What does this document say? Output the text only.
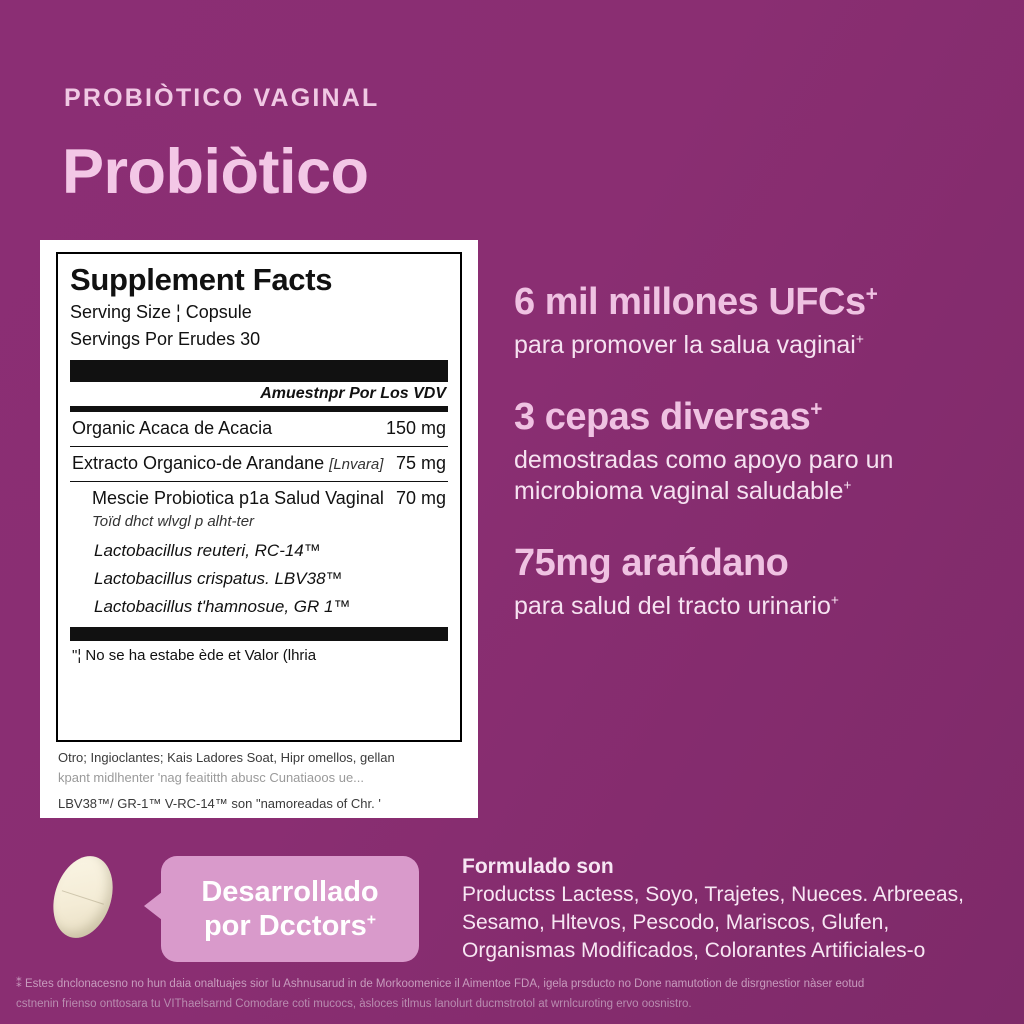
PROBIÒTICO VAGINAL
Probiòtico
Supplement Facts
Serving Size ¦ Copsule
Servings Por Erudes 30
Amuestnpr Por Los VDV
Organic Acaca de Acacia	150 mg
Extracto Organico-de Arandane [Lnvara] 75 mg
Mescie Probiotica p1a Salud Vaginal Toïd dhct wlvgl p alht-ter
70 mg
Lactobacillus reuteri, RC-14™
Lactobacillus crispatus. LBV38™
Lactobacillus t'hamnosue, GR 1™
"¦ No se ha estabe ède et Valor (lhria
Otro; Ingioclantes; Kais Ladores Soat, Hipr omellos, gellan
kpant midlhenter 'nag feaititth abusc Cunatiaoos ue...
LBV38™/ GR-1™ V-RC-14™ son "namoreadas of Chr. '
6 mil millones UFCs+

para promover la salua vaginai+

3 cepas diversas+

demostradas como apoyo paro un microbioma vaginal saludable+

75mg arańdano

para salud del tracto urinario+

Desarrollado
por Dcctors+
Formulado son
Productss Lactess, Soyo, Trajetes, Nueces. Arbreeas, Sesamo, Hltevos, Pescodo, Mariscos, Glufen, Organismas Modificados, Colorantes Artificiales-o
⁑ Estes dnclonacesno no hun daia onaltuajes sior lu Ashnusarud in de Morkoomenice il Aimentoe FDA, igela prsducto no Done namutotion de disrgnestior nàser eotud
cstnenin frienso onttosara tu VIThaelsarnd Comodare coti mucocs, àsloces itlmus lanolurt ducmstrotol at wrnlcuroting ervo oosnistro.
